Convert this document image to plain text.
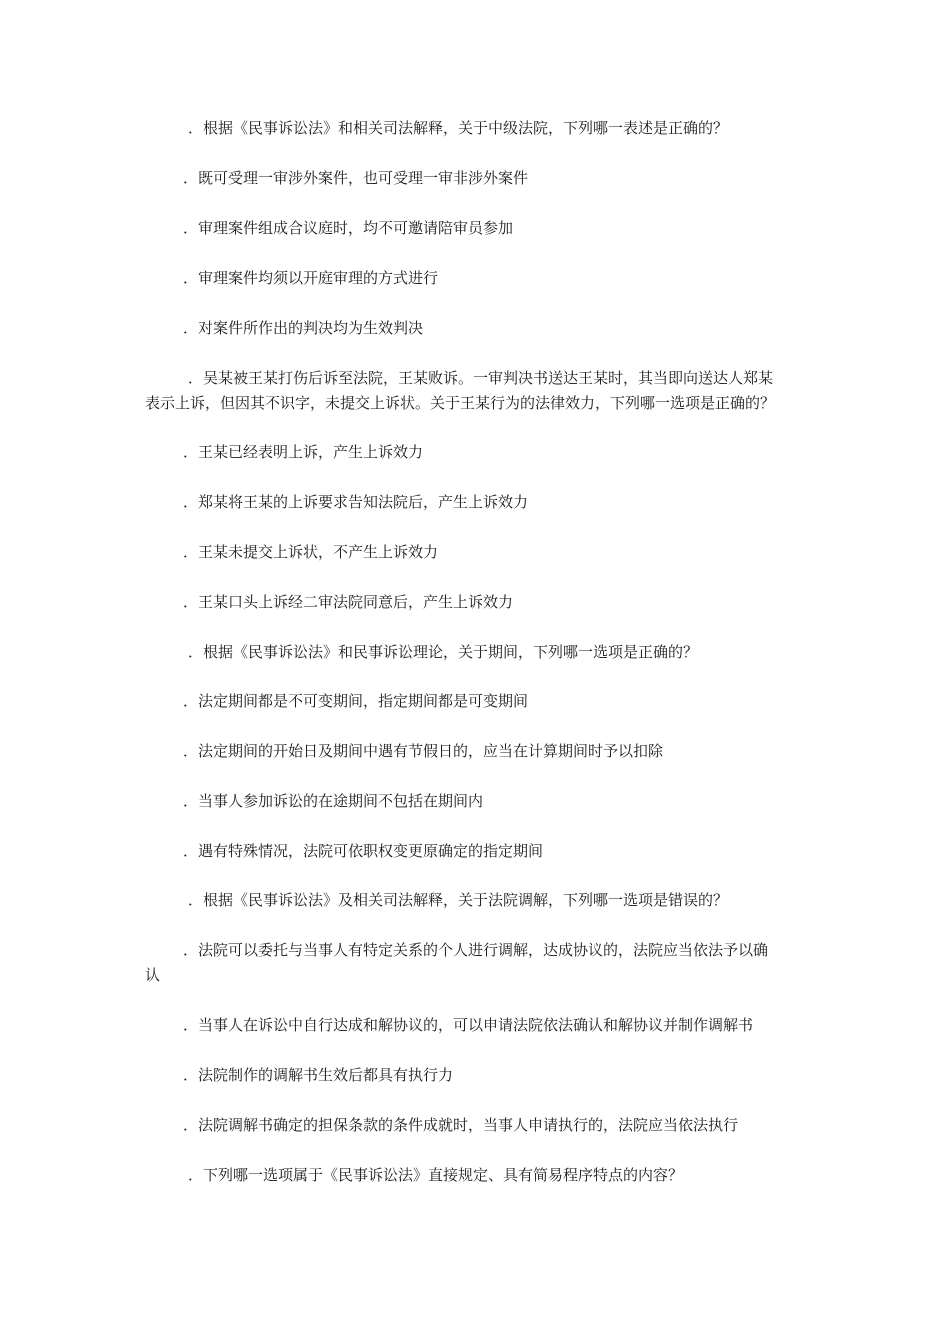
．根据《民事诉讼法》和相关司法解释，关于中级法院，下列哪一表述是正确的？
．既可受理一审涉外案件，也可受理一审非涉外案件
．审理案件组成合议庭时，均不可邀请陪审员参加
．审理案件均须以开庭审理的方式进行
．对案件所作出的判决均为生效判决
．吴某被王某打伤后诉至法院，王某败诉。一审判决书送达王某时，其当即向送达人郑某
表示上诉，但因其不识字，未提交上诉状。关于王某行为的法律效力，下列哪一选项是正确的？
．王某已经表明上诉，产生上诉效力
．郑某将王某的上诉要求告知法院后，产生上诉效力
．王某未提交上诉状，不产生上诉效力
．王某口头上诉经二审法院同意后，产生上诉效力
．根据《民事诉讼法》和民事诉讼理论，关于期间，下列哪一选项是正确的？
．法定期间都是不可变期间，指定期间都是可变期间
．法定期间的开始日及期间中遇有节假日的，应当在计算期间时予以扣除
．当事人参加诉讼的在途期间不包括在期间内
．遇有特殊情况，法院可依职权变更原确定的指定期间
．根据《民事诉讼法》及相关司法解释，关于法院调解，下列哪一选项是错误的？
．法院可以委托与当事人有特定关系的个人进行调解，达成协议的，法院应当依法予以确
认
．当事人在诉讼中自行达成和解协议的，可以申请法院依法确认和解协议并制作调解书
．法院制作的调解书生效后都具有执行力
．法院调解书确定的担保条款的条件成就时，当事人申请执行的，法院应当依法执行
．下列哪一选项属于《民事诉讼法》直接规定、具有简易程序特点的内容？
